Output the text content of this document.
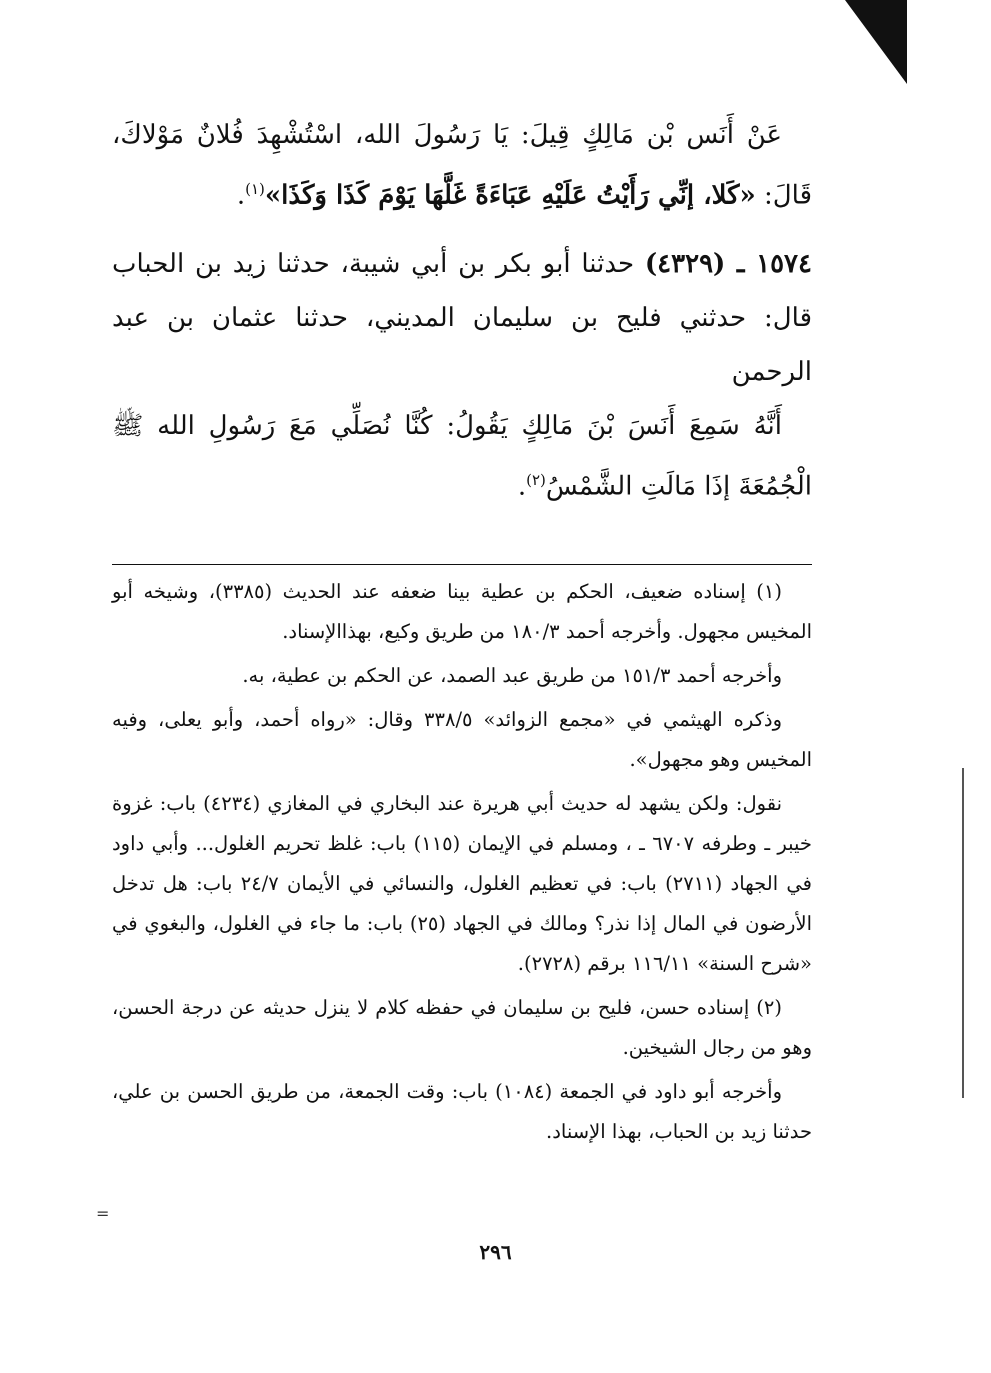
عَنْ أَنَس بْن مَالِكٍ قِيلَ: يَا رَسُولَ الله، اسْتُشْهِدَ فُلانٌ مَوْلاكَ، قَالَ: «كَلا، إنِّي رَأَيْتُ عَلَيْهِ عَبَاءَةً غَلَّهَا يَوْمَ كَذَا وَكَذَا»$^{(١)}$.

١٥٧٤ ـ (٤٣٢٩) حدثنا أبو بكر بن أبي شيبة، حدثنا زيد بن الحباب قال: حدثني فليح بن سليمان المديني، حدثنا عثمان بن عبد الرحمن

أَنَّهُ سَمِعَ أَنَسَ بْنَ مَالِكٍ يَقُولُ: كُنَّا نُصَلِّي مَعَ رَسُولِ الله ﷺ الْجُمُعَةَ إذَا مَالَتِ الشَّمْسُ$^{(٢)}$.

(١) إسناده ضعيف، الحكم بن عطية بينا ضعفه عند الحديث (٣٣٨٥)، وشيخه أبو المخيس مجهول. وأخرجه أحمد ١٨٠/٣ من طريق وكيع، بهذاالإسناد.

وأخرجه أحمد ١٥١/٣ من طريق عبد الصمد، عن الحكم بن عطية، به.

وذكره الهيثمي في «مجمع الزوائد» ٣٣٨/٥ وقال: «رواه أحمد، وأبو يعلى، وفيه المخيس وهو مجهول».

نقول: ولكن يشهد له حديث أبي هريرة عند البخاري في المغازي (٤٢٣٤) باب: غزوة خيبر ـ وطرفه ٦٧٠٧ ـ ، ومسلم في الإيمان (١١٥) باب: غلظ تحريم الغلول... وأبي داود في الجهاد (٢٧١١) باب: في تعظيم الغلول، والنسائي في الأيمان ٢٤/٧ باب: هل تدخل الأرضون في المال إذا نذر؟ ومالك في الجهاد (٢٥) باب: ما جاء في الغلول، والبغوي في «شرح السنة» ١١٦/١١ برقم (٢٧٢٨).

(٢) إسناده حسن، فليح بن سليمان في حفظه كلام لا ينزل حديثه عن درجة الحسن، وهو من رجال الشيخين.

وأخرجه أبو داود في الجمعة (١٠٨٤) باب: وقت الجمعة، من طريق الحسن بن علي، حدثنا زيد بن الحباب، بهذا الإسناد.

٢٩٦
=
